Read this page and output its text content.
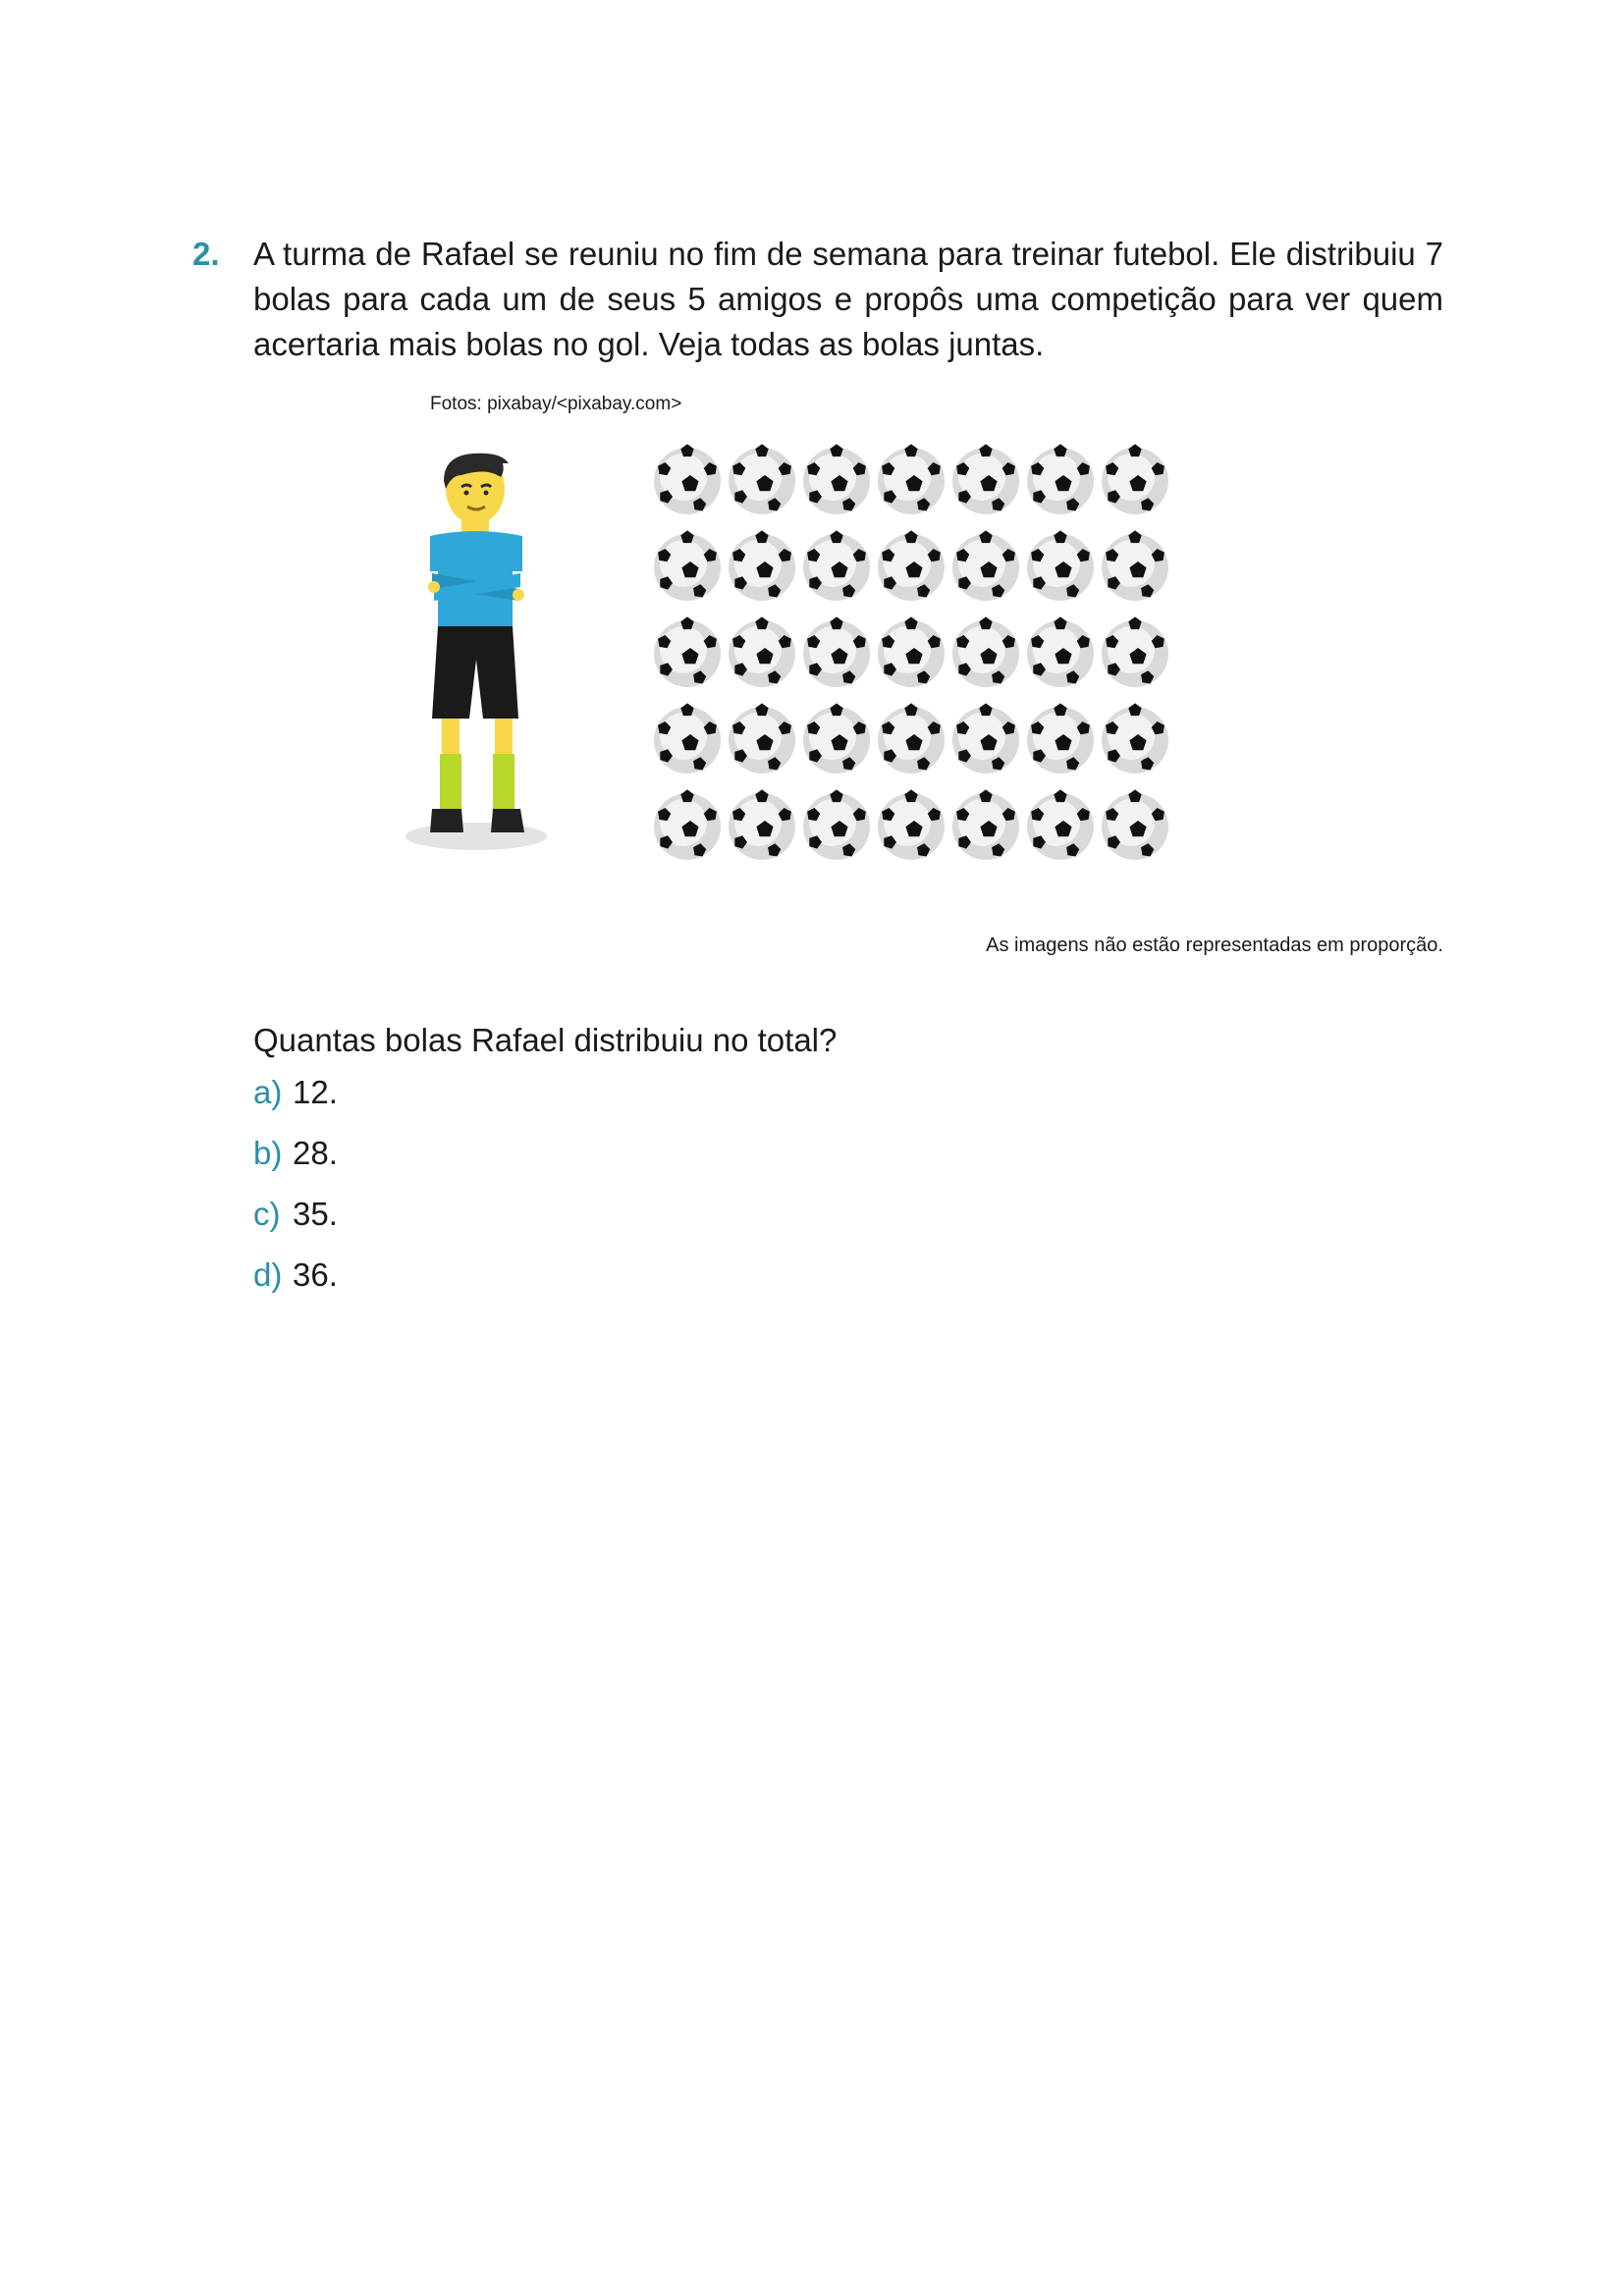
2. A turma de Rafael se reuniu no fim de semana para treinar futebol. Ele distribuiu 7 bolas para cada um de seus 5 amigos e propôs uma competição para ver quem acertaria mais bolas no gol. Veja todas as bolas juntas.
Fotos: pixabay/<pixabay.com>
As imagens não estão representadas em proporção.
Quantas bolas Rafael distribuiu no total?
a) 12.
b) 28.
c) 35.
d) 36.
